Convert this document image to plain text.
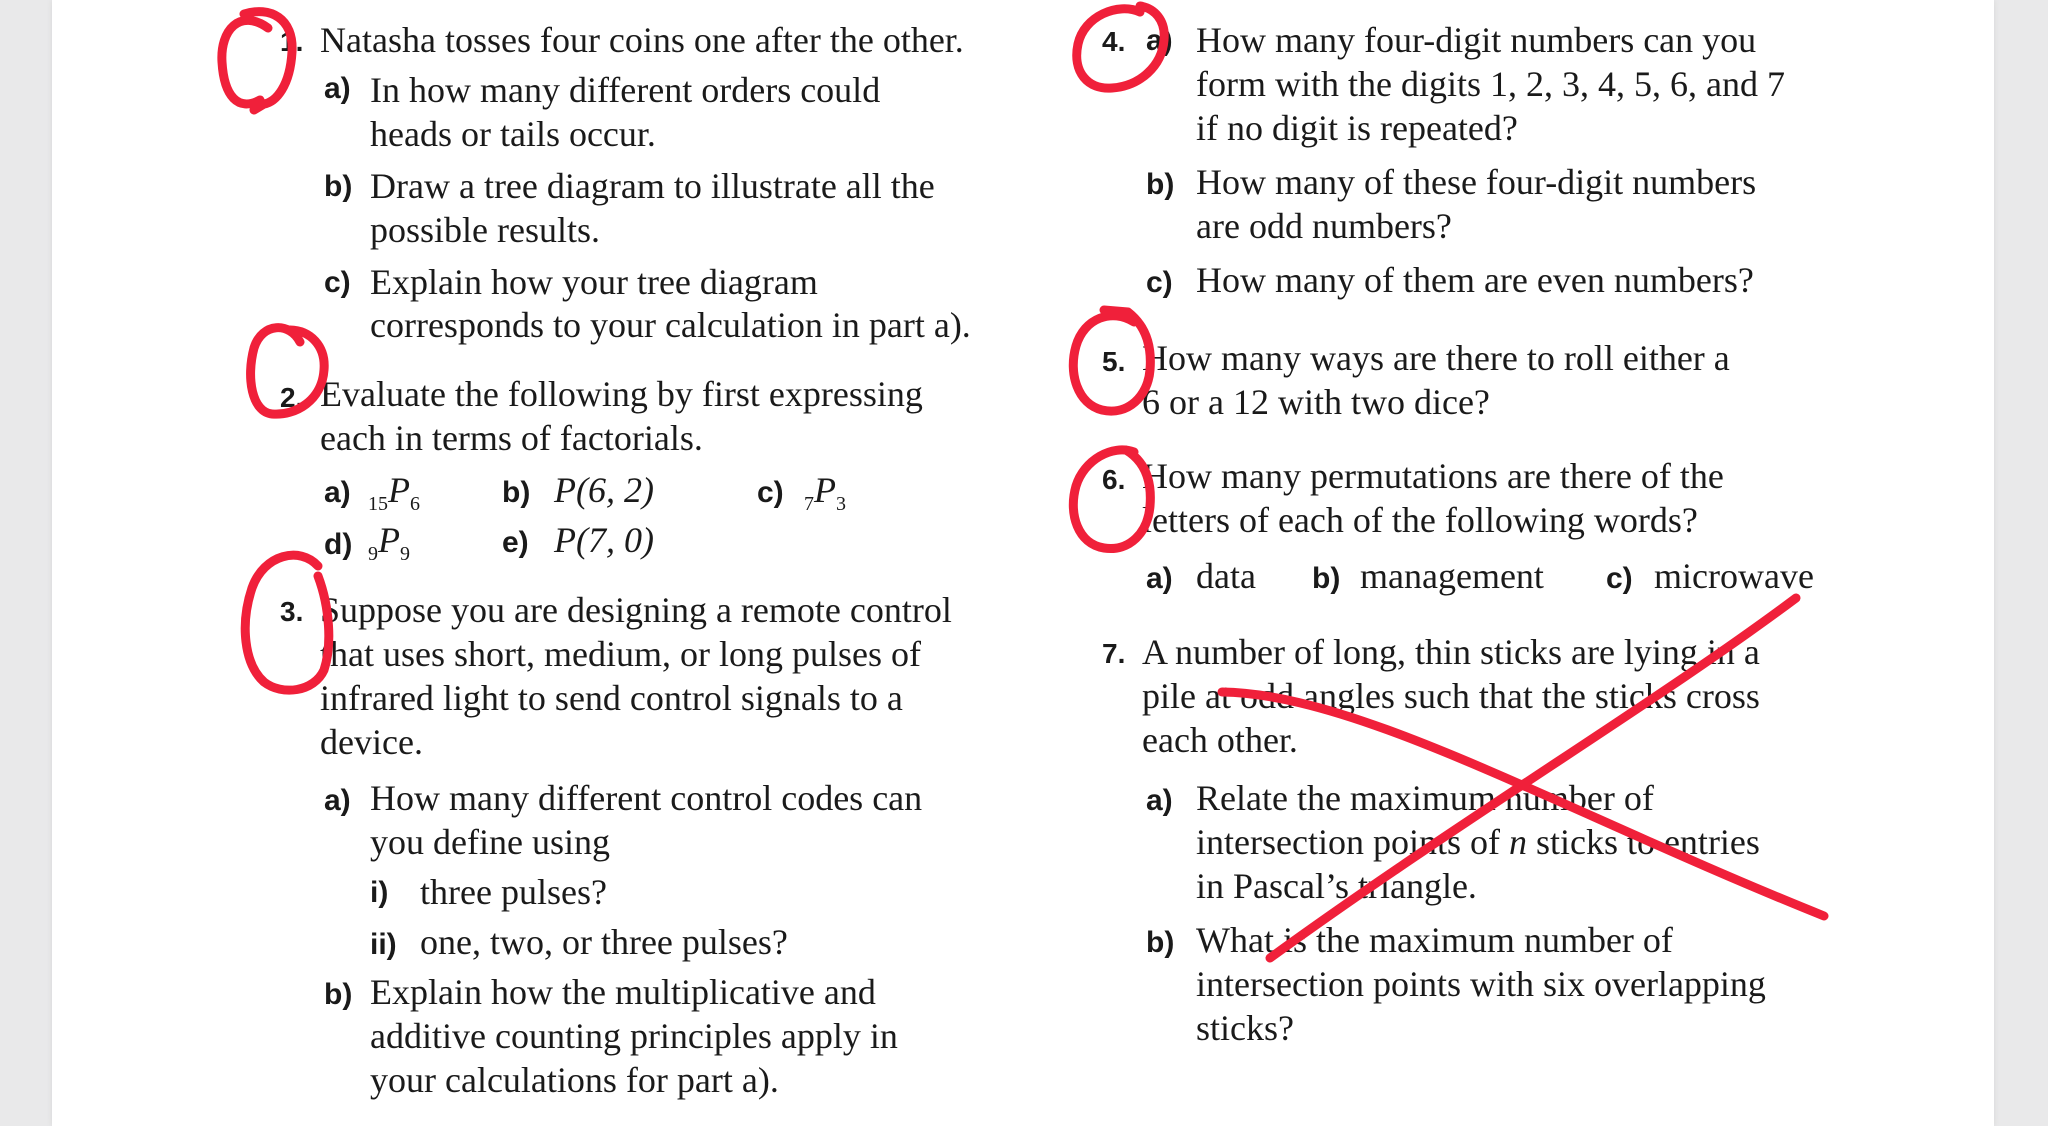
1. Natasha tosses four coins one after the other.
a) In how many different orders could
heads or tails occur.
b) Draw a tree diagram to illustrate all the
possible results.
c) Explain how your tree diagram
corresponds to your calculation in part a).
2. Evaluate the following by first expressing
each in terms of factorials.
a) $_{15}P_6$	b) P(6, 2)	c) $_7P_3$
d) $_9P_9$	e) P(7, 0)
3. Suppose you are designing a remote control
that uses short, medium, or long pulses of
infrared light to send control signals to a
device.
a) How many different control codes can
you define using
i) three pulses?
ii) one, two, or three pulses?
b) Explain how the multiplicative and
additive counting principles apply in
your calculations for part a).
4. a) How many four-digit numbers can you
form with the digits 1, 2, 3, 4, 5, 6, and 7
if no digit is repeated?
b) How many of these four-digit numbers
are odd numbers?
c) How many of them are even numbers?
5. How many ways are there to roll either a
6 or a 12 with two dice?
6. How many permutations are there of the
letters of each of the following words?
a) data b) management c) microwave
7. A number of long, thin sticks are lying in a
pile at odd angles such that the sticks cross
each other.
a) Relate the maximum number of
intersection points of n sticks to entries
in Pascal’s triangle.
b) What is the maximum number of
intersection points with six overlapping
sticks?
